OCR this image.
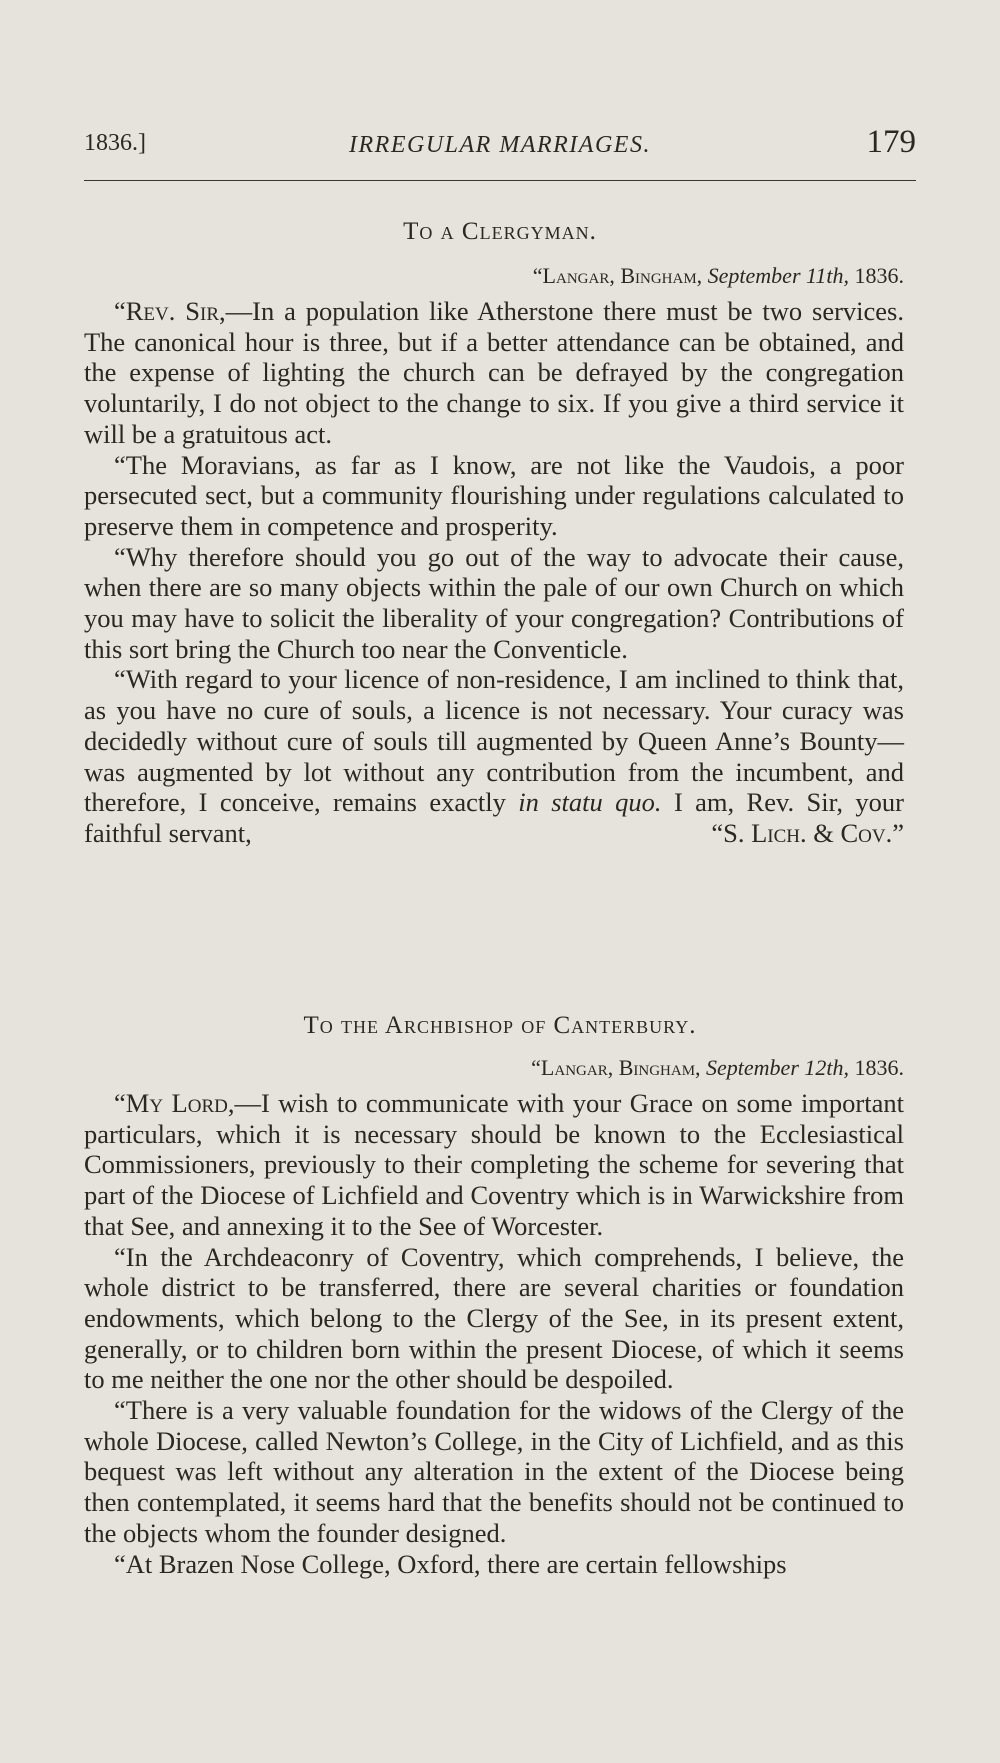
1836.]	IRREGULAR MARRIAGES.	179
To a Clergyman.
“Langar, Bingham, September 11th, 1836.

“Rev. Sir,—In a population like Atherstone there must be two services. The canonical hour is three, but if a better attendance can be obtained, and the expense of lighting the church can be defrayed by the congregation voluntarily, I do not object to the change to six. If you give a third service it will be a gratuitous act.

“The Moravians, as far as I know, are not like the Vaudois, a poor persecuted sect, but a community flourishing under regulations calculated to preserve them in competence and prosperity.

“Why therefore should you go out of the way to advocate their cause, when there are so many objects within the pale of our own Church on which you may have to solicit the liberality of your congregation? Contributions of this sort bring the Church too near the Conventicle.

“With regard to your licence of non-residence, I am inclined to think that, as you have no cure of souls, a licence is not necessary. Your curacy was decidedly without cure of souls till augmented by Queen Anne’s Bounty—was augmented by lot without any contribution from the incumbent, and therefore, I conceive, remains exactly in statu quo. I am, Rev. Sir, your faithful servant,	“S. Lich. & Cov.”

To the Archbishop of Canterbury.
“Langar, Bingham, September 12th, 1836.

“My Lord,—I wish to communicate with your Grace on some important particulars, which it is necessary should be known to the Ecclesiastical Commissioners, previously to their completing the scheme for severing that part of the Diocese of Lichfield and Coventry which is in Warwickshire from that See, and annexing it to the See of Worcester.

“In the Archdeaconry of Coventry, which comprehends, I believe, the whole district to be transferred, there are several charities or foundation endowments, which belong to the Clergy of the See, in its present extent, generally, or to children born within the present Diocese, of which it seems to me neither the one nor the other should be despoiled.

“There is a very valuable foundation for the widows of the Clergy of the whole Diocese, called Newton’s College, in the City of Lichfield, and as this bequest was left without any alteration in the extent of the Diocese being then contemplated, it seems hard that the benefits should not be continued to the objects whom the founder designed.

“At Brazen Nose College, Oxford, there are certain fellowships
